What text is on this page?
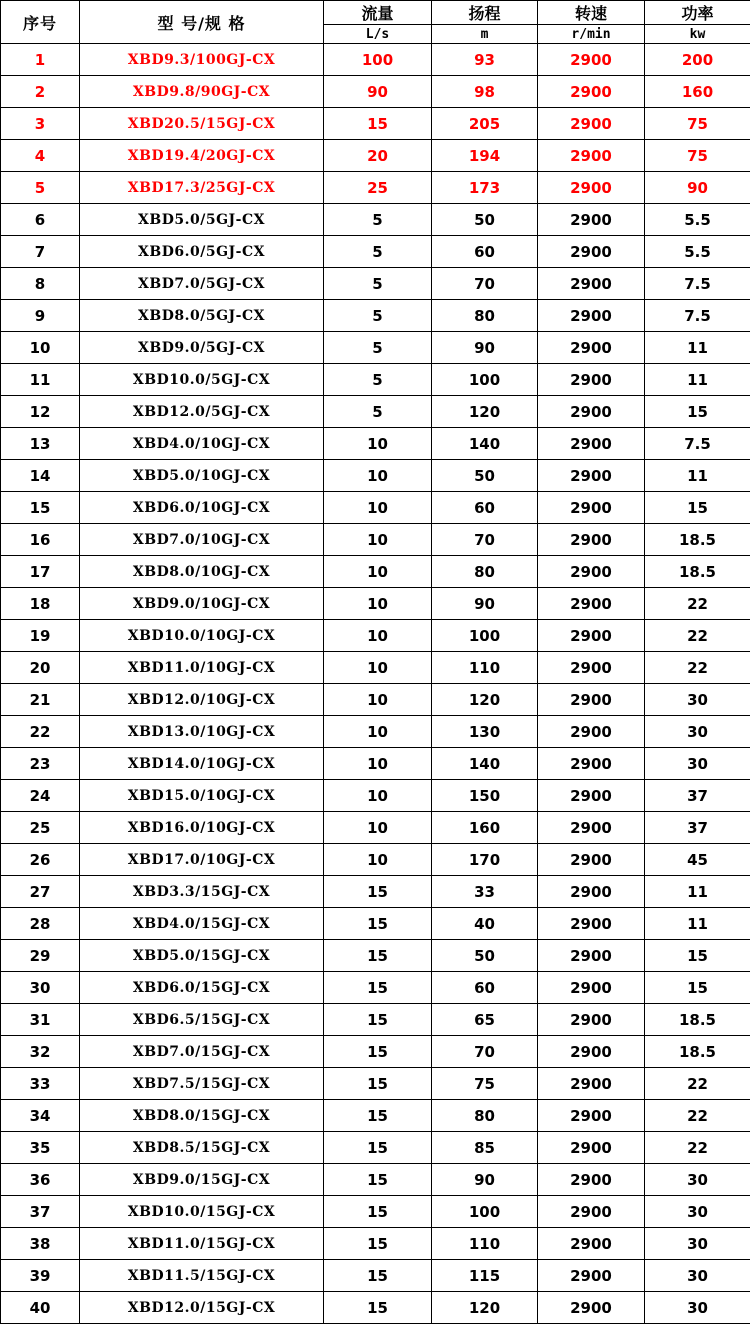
序号	型 号/规 格	流量	扬程	转速	功率
		L/s	m	r/min	kw
1	XBD9.3/100GJ-CX	100	93	2900	200
2	XBD9.8/90GJ-CX	90	98	2900	160
3	XBD20.5/15GJ-CX	15	205	2900	75
4	XBD19.4/20GJ-CX	20	194	2900	75
5	XBD17.3/25GJ-CX	25	173	2900	90
6	XBD5.0/5GJ-CX	5	50	2900	5.5
7	XBD6.0/5GJ-CX	5	60	2900	5.5
8	XBD7.0/5GJ-CX	5	70	2900	7.5
9	XBD8.0/5GJ-CX	5	80	2900	7.5
10	XBD9.0/5GJ-CX	5	90	2900	11
11	XBD10.0/5GJ-CX	5	100	2900	11
12	XBD12.0/5GJ-CX	5	120	2900	15
13	XBD4.0/10GJ-CX	10	140	2900	7.5
14	XBD5.0/10GJ-CX	10	50	2900	11
15	XBD6.0/10GJ-CX	10	60	2900	15
16	XBD7.0/10GJ-CX	10	70	2900	18.5
17	XBD8.0/10GJ-CX	10	80	2900	18.5
18	XBD9.0/10GJ-CX	10	90	2900	22
19	XBD10.0/10GJ-CX	10	100	2900	22
20	XBD11.0/10GJ-CX	10	110	2900	22
21	XBD12.0/10GJ-CX	10	120	2900	30
22	XBD13.0/10GJ-CX	10	130	2900	30
23	XBD14.0/10GJ-CX	10	140	2900	30
24	XBD15.0/10GJ-CX	10	150	2900	37
25	XBD16.0/10GJ-CX	10	160	2900	37
26	XBD17.0/10GJ-CX	10	170	2900	45
27	XBD3.3/15GJ-CX	15	33	2900	11
28	XBD4.0/15GJ-CX	15	40	2900	11
29	XBD5.0/15GJ-CX	15	50	2900	15
30	XBD6.0/15GJ-CX	15	60	2900	15
31	XBD6.5/15GJ-CX	15	65	2900	18.5
32	XBD7.0/15GJ-CX	15	70	2900	18.5
33	XBD7.5/15GJ-CX	15	75	2900	22
34	XBD8.0/15GJ-CX	15	80	2900	22
35	XBD8.5/15GJ-CX	15	85	2900	22
36	XBD9.0/15GJ-CX	15	90	2900	30
37	XBD10.0/15GJ-CX	15	100	2900	30
38	XBD11.0/15GJ-CX	15	110	2900	30
39	XBD11.5/15GJ-CX	15	115	2900	30
40	XBD12.0/15GJ-CX	15	120	2900	30
